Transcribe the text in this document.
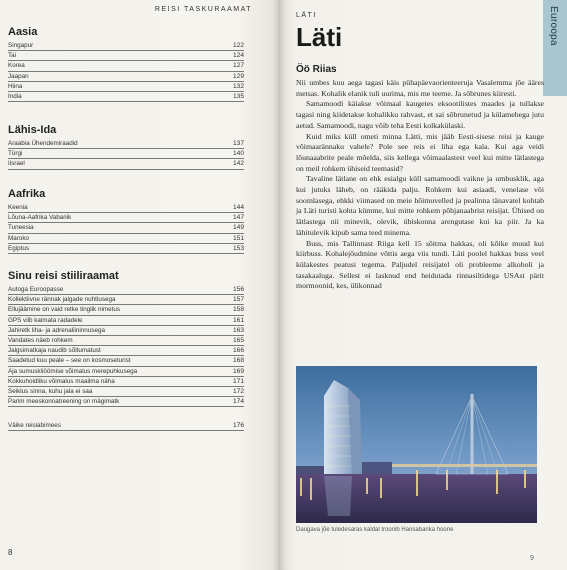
REISI TASKURAAMAT
Aasia
Singapur	122
Tai	124
Korea	127
Jaapan	129
Hiina	132
India	135
Lähis-Ida
Araabia Ühendemiraadid	137
Türgi	140
Iisrael	142
Aafrika
Keenia	144
Lõuna-Aafrika Vabariik	147
Tuneesia	149
Maroko	151
Egiptus	153
Sinu reisi stiiliraamat
Autoga Euroopasse	156
Kollektiivne rännak jalgade nuhtlusega	157
Ellujäämine on vaid retke tinglik nimetus	158
GPS viib kaimata radadele	161
Jahiretk liha- ja adrenaliininnusega	163
Vandates näeb rohkem	165
Jalgsimatkaja naudib sõltumatust	166
Saadetud kuu peale – see on kosmoseturist	168
Aja sumuskliöömise võimalus merepuhkusega	169
Kokkuhoidliku võimalus maailma näha	171
Seiklus sinna, kuhu jala ei saa	172
Parim meeskonnatreening on mägimatk	174
Väike reisiabimees	176
8
LÄTI
Läti	Euroopa
Öö Riias

Nii umbes kuu aega tagasi käis pühapäevaorienteeruja Vasalemma jõe ääres metsas. Kohalik elanik tuli uurima, mis me teeme. Ja sõbrunes kiiresti.

Samamoodi käiakse võimaal kaugetes eksootilistes maades ja tullakse tagasi ning kiidetakse kohalikku rahvast, et sai sõbrunetud ja külamehega jutu aetud. Samamoodi, nagu võib teha Eesti kolkakülaski.

Kuid miks küll ometi minna Lätti, mis jääb Eesti-sisese reisi ja kauge võimaarännaku vahele? Pole see reis ei liha ega kala. Kui aga veidi lõunaaabrite peale mõelda, siis kellega võimaalastest veel kui mitte lätlastega on meil rohkem ühiseid teemasid?

Tavaline lätlane on ehk esialgu küll samamoodi vaikne ja umbusklik, aga kui jutuks läheb, on rääkida palju. Rohkem kui asiaadi, venelase või soomlasega, ehkki viimased on meie hõimuvelled ja pealinna tänavatel kohtab ja Läti turisti kohta kümme, kui mitte rohkem põhjanaabrist reisijat. Ühised on lätlastega nii minevik, olevik, ühiskonna arengutase kui ka piir. Ja ka lähitulevik kipub sama teed minema.

Buss, mis Tallinnast Riiga kell 15 sõitma hakkas, oli kõike muud kui kiirbuss. Kohalejõudmine võttis aega viis tundi. Läti poolel hakkas buss veel külakestes peatusi tegema. Paljudel reisijatel oli probleeme alkoholi ja tasakaaluga. Sellest ei lasknud end heidutada rinnasiltidega USAst pärit mormoonid, kes, ülikonnad

Daugava jõe tuledesaras kaldal troonib Hansabanka hoone
9
